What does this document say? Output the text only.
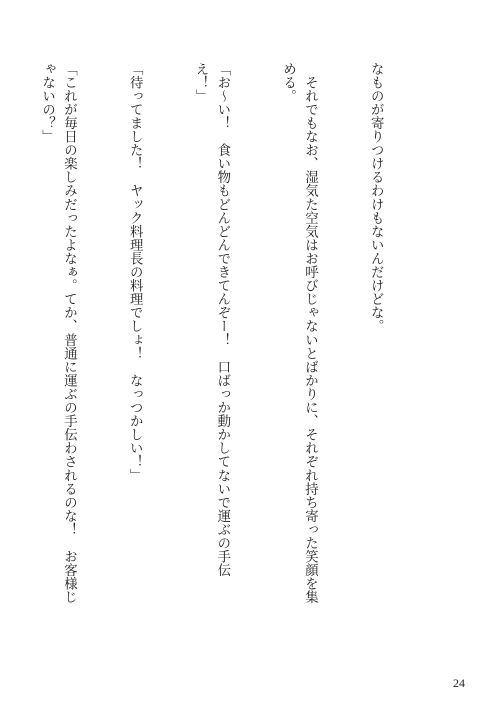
なものが寄りつけるわけもないんだけどな。

　それでもなお、湿気た空気はお呼びじゃないとばかりに、それぞれ持ち寄った笑顔を集める。

「お～い！　食い物もどんどんできてんぞー！　口ばっか動かしてないで運ぶの手伝え！」

「待ってました！　ヤック料理長の料理でしょ！　なっつかしい！」

「これが毎日の楽しみだったよなぁ。てか、普通に運ぶの手伝わされるのな！　お客様じゃないの？」

24
